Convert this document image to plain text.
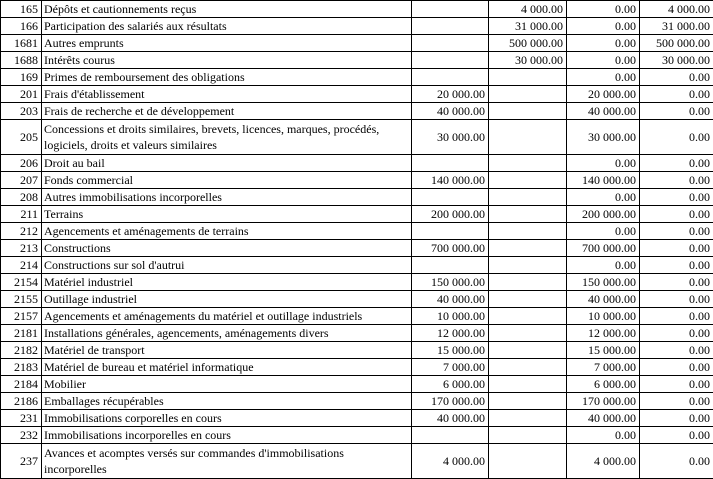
165	Dépôts et cautionnements reçus		4 000.00	0.00	4 000.00
166	Participation des salariés aux résultats		31 000.00	0.00	31 000.00
1681	Autres emprunts		500 000.00	0.00	500 000.00
1688	Intérêts courus		30 000.00	0.00	30 000.00
169	Primes de remboursement des obligations			0.00	0.00
201	Frais d'établissement	20 000.00		20 000.00	0.00
203	Frais de recherche et de développement	40 000.00		40 000.00	0.00
205	Concessions et droits similaires, brevets, licences, marques, procédés, logiciels, droits et valeurs similaires	30 000.00		30 000.00	0.00
206	Droit au bail			0.00	0.00
207	Fonds commercial	140 000.00		140 000.00	0.00
208	Autres immobilisations incorporelles			0.00	0.00
211	Terrains	200 000.00		200 000.00	0.00
212	Agencements et aménagements de terrains			0.00	0.00
213	Constructions	700 000.00		700 000.00	0.00
214	Constructions sur sol d'autrui			0.00	0.00
2154	Matériel industriel	150 000.00		150 000.00	0.00
2155	Outillage industriel	40 000.00		40 000.00	0.00
2157	Agencements et aménagements du matériel et outillage industriels	10 000.00		10 000.00	0.00
2181	Installations générales, agencements, aménagements divers	12 000.00		12 000.00	0.00
2182	Matériel de transport	15 000.00		15 000.00	0.00
2183	Matériel de bureau et matériel informatique	7 000.00		7 000.00	0.00
2184	Mobilier	6 000.00		6 000.00	0.00
2186	Emballages récupérables	170 000.00		170 000.00	0.00
231	Immobilisations corporelles en cours	40 000.00		40 000.00	0.00
232	Immobilisations incorporelles en cours			0.00	0.00
237	Avances et acomptes versés sur commandes d'immobilisations incorporelles	4 000.00		4 000.00	0.00
